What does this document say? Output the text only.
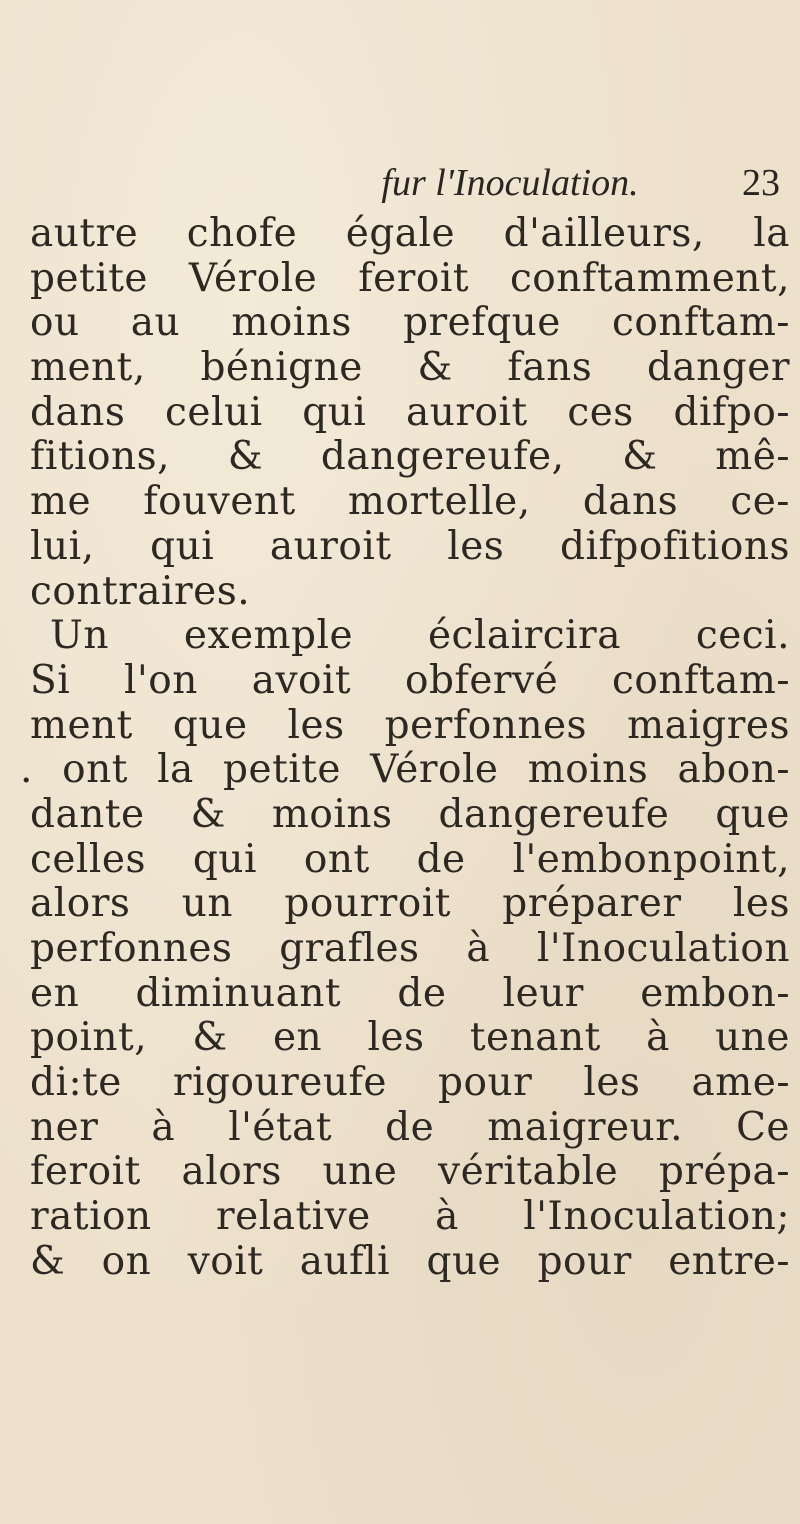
fur l'Inoculation.	23
autre chofe égale d'ailleurs, la
petite Vérole feroit conftamment,
ou au moins prefque conftam-
ment, bénigne & fans danger
dans celui qui auroit ces difpo-
fitions, & dangereufe, & mê-
me fouvent mortelle, dans ce-
lui, qui auroit les difpofitions
contraires.
Un exemple éclaircira ceci.
Si l'on avoit obfervé conftam-
ment que les perfonnes maigres
. ont la petite Vérole moins abon-
dante & moins dangereufe que
celles qui ont de l'embonpoint,
alors un pourroit préparer les
perfonnes grafles à l'Inoculation
en diminuant de leur embon-
point, & en les tenant à une
di:te rigoureufe pour les ame-
ner à l'état de maigreur. Ce
feroit alors une véritable prépa-
ration relative à l'Inoculation;
& on voit aufli que pour entre-
